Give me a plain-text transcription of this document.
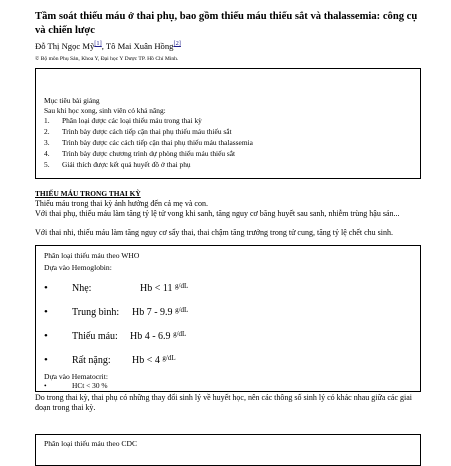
Tầm soát thiếu máu ở thai phụ, bao gồm thiếu máu thiếu sắt và thalassemia: công cụ và chiến lược
Đỗ Thị Ngọc Mỹ[1], Tô Mai Xuân Hồng[2]
© Bộ môn Phụ Sản, Khoa Y, Đại học Y Dược TP. Hồ Chí Minh.
Mục tiêu bài giảng
Sau khi học xong, sinh viên có khả năng:
1. Phân loại được các loại thiếu máu trong thai kỳ
2. Trình bày được cách tiếp cận thai phụ thiếu máu thiếu sắt
3. Trình bày được các cách tiếp cận thai phụ thiếu máu thalassemia
4. Trình bày được chương trình dự phòng thiếu máu thiếu sắt
5. Giải thích được kết quả huyết đồ ở thai phụ
THIẾU MÁU TRONG THAI KỲ
Thiếu máu trong thai kỳ ảnh hưởng đến cả mẹ và con.
Với thai phụ, thiếu máu làm tăng tỷ lệ tử vong khi sanh, tăng nguy cơ băng huyết sau sanh, nhiễm trùng hậu sản...
Với thai nhi, thiếu máu làm tăng nguy cơ sẩy thai, thai chậm tăng trưởng trong tử cung, tăng tỷ lệ chết chu sinh.
Phân loại thiếu máu theo WHO
Dựa vào Hemoglobin:
• Nhẹ:	Hb < 11 $^{g/dL}$
• Trung bình: Hb 7 - 9.9 $^{g/dL}$
• Thiếu máu: Hb 4 - 6.9 $^{g/dL}$
• Rất nặng: Hb < 4 $^{g/dL}$
Dựa vào Hematocrit:
•	HCt < 30 %
Do trong thai kỳ, thai phụ có những thay đổi sinh lý về huyết học, nên các thông số sinh lý có khác nhau giữa các giai đoạn trong thai kỳ.
Phân loại thiếu máu theo CDC
